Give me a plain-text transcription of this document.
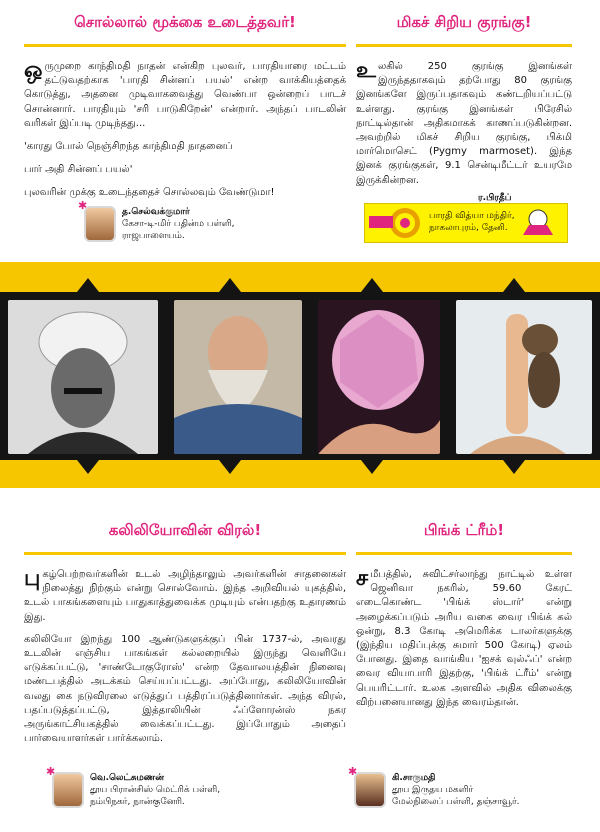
சொல்லால் மூக்கை உடைத்தவர்!
ஒருமுறை காந்திமதி நாதன் என்கிற புலவர், பாரதியாரை மட்டம் தட்டுவதற்காக 'பாரதி சின்னப் பயல்' என்ற வாக்கியத்தைக் கொடுத்து, அதனை முடிவாகவைத்து வெண்பா ஒன்றைப் பாடச் சொன்னார். பாரதியும் 'சரி பாடுகிறேன்' என்றார். அந்தப் பாடலின் வரிகள் இப்படி முடிந்தது...
'காரது போல் நெஞ்சிறந்த காந்திமதி நாதனைப்
பார் அதி சின்னப் பயல்'
புலவரின் முக்கு உடைந்ததைச் சொல்லவும் வேண்டுமா!
✱	த.செல்வக்குமார்
கேசா-டி-மிர் பதின்ம பள்ளி,
ராஜபாளையம்.
மிகச் சிறிய குரங்கு!
உலகில் 250 குரங்கு இனங்கள் இருந்ததாகவும் தற்போது 80 குரங்கு இனங்களே இருப்பதாகவும் கண்டறியப்பட்டு உள்ளது. குரங்கு இனங்கள் பிரேசில் நாட்டில்தான் அதிகமாகக் காணப்படுகின்றன. அவற்றில் மிகச் சிறிய குரங்கு, பிக்மி மார்மொசெட் (Pygmy marmoset). இந்த இனக் குரங்குகள், 9.1 சென்டிமீட்டர் உயரமே இருக்கின்றன.
ர.பிரதீப்
பாரதி வித்யா மந்திர்,
நாகலாபுரம், தேனி.
கலிலியோவின் விரல்!
புகழ்பெற்றவர்களின் உடல் அழிந்தாலும் அவர்களின் சாதனைகள் நிலைத்து நிற்கும் என்று சொல்வோம். இந்த அறிவியல் யுகத்தில், உடல் பாகங்களையும் பாதுகாத்துவைக்க முடியும் என்பதற்கு உதாரணம் இது.
கலிலியோ இறந்து 100 ஆண்டுகளுக்குப் பின் 1737-ல், அவரது உடலின் எஞ்சிய பாகங்கள் கல்லறையில் இருந்து வெளியே எடுக்கப்பட்டு, 'சாண்டோகுரோஸ்' என்ற தேவாலயத்தின் நினைவு மண்டபத்தில் அடக்கம் செய்யப்பட்டது. அப்போது, கலிலியோவின் வலது கை நடுவிரலை எடுத்துப் பத்திரப்படுத்தினார்கள். அந்த விரல், பதப்படுத்தப்பட்டு, இத்தாலியின் ஃப்ளோரன்ஸ் நகர அருங்காட்சியகத்தில் வைக்கப்பட்டது. இப்போதும் அதைப் பார்வையாளர்கள் பார்க்கலாம்.
✱	வெ.லெட்சுமணன்
தூய பிரான்சிஸ் மெட்ரிக் பள்ளி,
நம்பிநகர், நான்குனேரி.
பிங்க் ட்ரீம்!
சமீபத்தில், சுவிட்சர்லாந்து நாட்டில் உள்ள ஜெனிவா நகரில், 59.60 கேரட் எடைகொண்ட 'பிங்க் ஸ்டார்' என்று அழைக்கப்படும் அரிய வகை வைர பிங்க் கல் ஒன்று, 8.3 கோடி அமெரிக்க டாலர்களுக்கு (இந்திய மதிப்புக்கு சுமார் 500 கோடி) ஏலம் போனது. இதை வாங்கிய 'ஐசக் வுல்ஃப்' என்ற வைர வியாபாரி இதற்கு, 'பிங்க் ட்ரீம்' என்று பெயரிட்டார். உலக அளவில் அதிக விலைக்கு விற்பனையானது இந்த வைரம்தான்.
✱	கி.சாருமதி
தூய இருதய மகளிர்
மேல்நிலைப் பள்ளி, தஞ்சாவூர்.
